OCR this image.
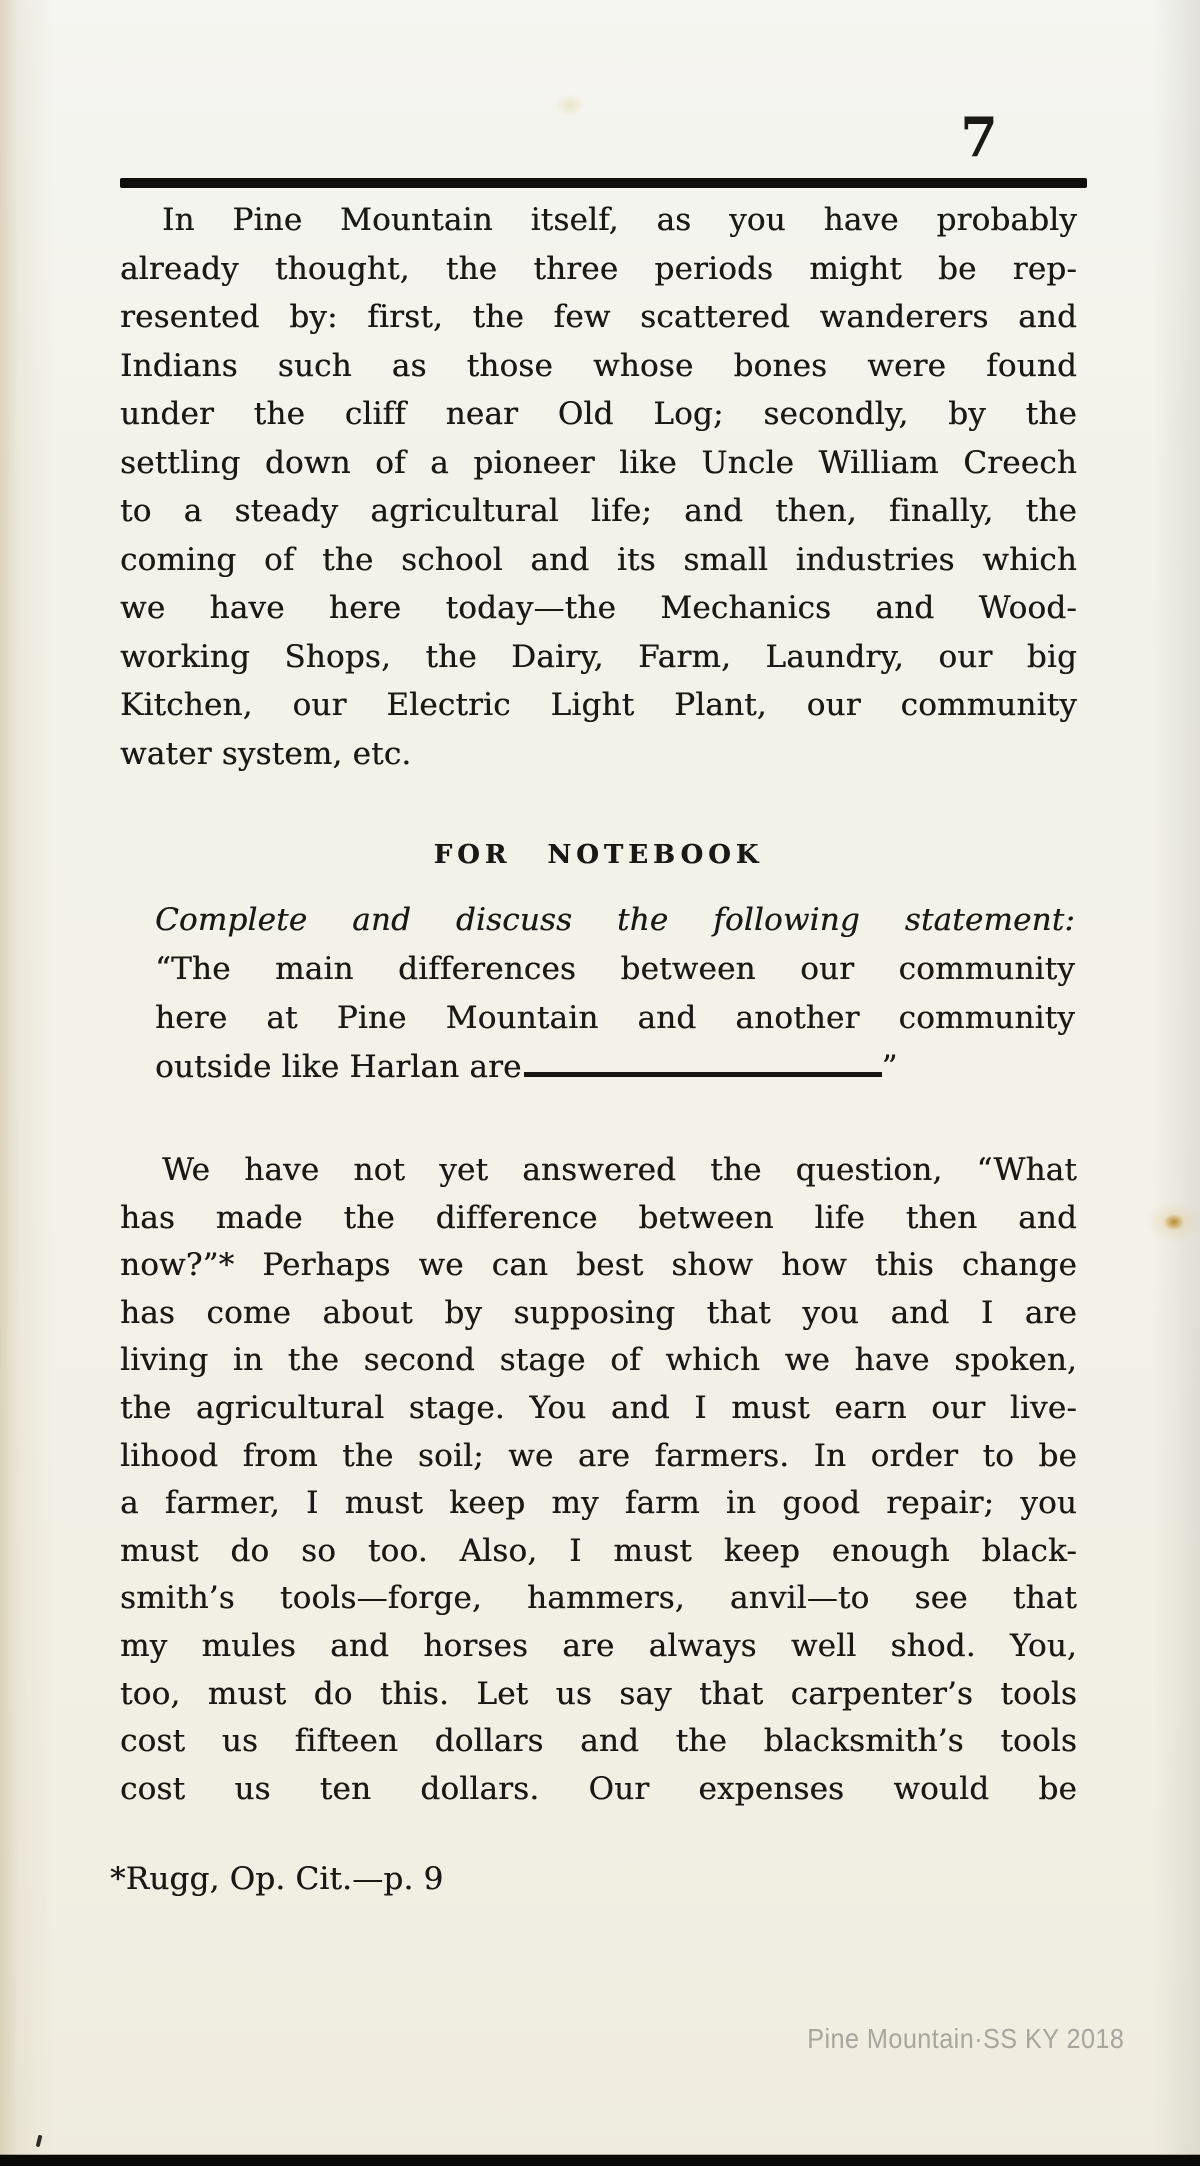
7
In Pine Mountain itself, as you have probably
already thought, the three periods might be rep-
resented by: first, the few scattered wanderers and
Indians such as those whose bones were found
under the cliff near Old Log; secondly, by the
settling down of a pioneer like Uncle William Creech
to a steady agricultural life; and then, finally, the
coming of the school and its small industries which
we have here today—the Mechanics and Wood-
working Shops, the Dairy, Farm, Laundry, our big
Kitchen, our Electric Light Plant, our community
water system, etc.
FOR NOTEBOOK
Complete and discuss the following statement:
“The main differences between our community
here at Pine Mountain and another community
outside like Harlan are	”
We have not yet answered the question, “What
has made the difference between life then and
now?”* Perhaps we can best show how this change
has come about by supposing that you and I are
living in the second stage of which we have spoken,
the agricultural stage. You and I must earn our live-
lihood from the soil; we are farmers. In order to be
a farmer, I must keep my farm in good repair; you
must do so too. Also, I must keep enough black-
smith’s tools—forge, hammers, anvil—to see that
my mules and horses are always well shod. You,
too, must do this. Let us say that carpenter’s tools
cost us fifteen dollars and the blacksmith’s tools
cost us ten dollars. Our expenses would be
*Rugg, Op. Cit.—p. 9
Pine Mountain·SS KY 2018
